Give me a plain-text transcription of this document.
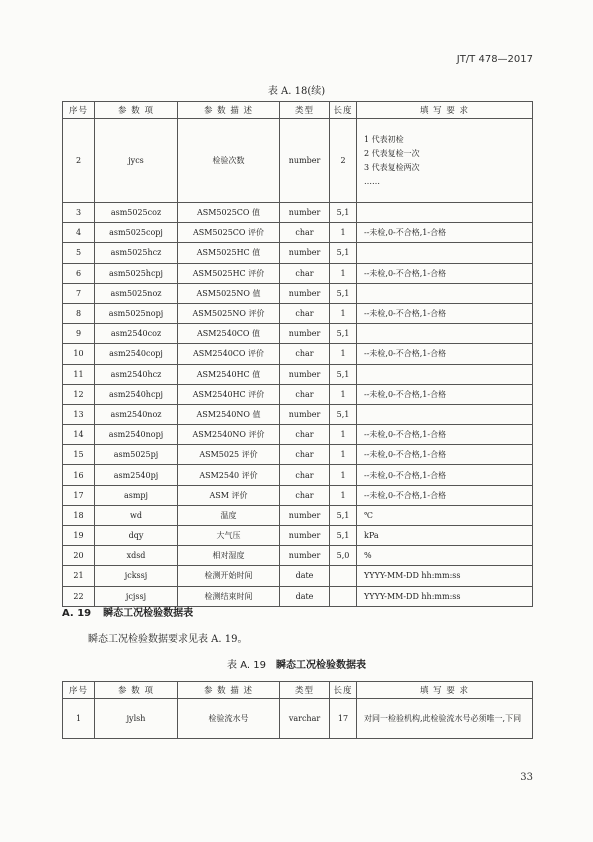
JT/T 478—2017
表 A. 18(续)
序号	参 数 项	参 数 描 述	类型	长度	填 写 要 求
2	jycs	检验次数	number	2	1 代表初检
2 代表复检一次
3 代表复检两次
……

3	asm5025coz	ASM5025CO 值	number	5,1	
4	asm5025copj	ASM5025CO 评价	char	1	--未检,0-不合格,1-合格
5	asm5025hcz	ASM5025HC 值	number	5,1	
6	asm5025hcpj	ASM5025HC 评价	char	1	--未检,0-不合格,1-合格
7	asm5025noz	ASM5025NO 值	number	5,1	
8	asm5025nopj	ASM5025NO 评价	char	1	--未检,0-不合格,1-合格
9	asm2540coz	ASM2540CO 值	number	5,1	
10	asm2540copj	ASM2540CO 评价	char	1	--未检,0-不合格,1-合格
11	asm2540hcz	ASM2540HC 值	number	5,1	
12	asm2540hcpj	ASM2540HC 评价	char	1	--未检,0-不合格,1-合格
13	asm2540noz	ASM2540NO 值	number	5,1	
14	asm2540nopj	ASM2540NO 评价	char	1	--未检,0-不合格,1-合格
15	asm5025pj	ASM5025 评价	char	1	--未检,0-不合格,1-合格
16	asm2540pj	ASM2540 评价	char	1	--未检,0-不合格,1-合格
17	asmpj	ASM 评价	char	1	--未检,0-不合格,1-合格
18	wd	温度	number	5,1	℃
19	dqy	大气压	number	5,1	kPa
20	xdsd	相对湿度	number	5,0	%
21	jckssj	检测开始时间	date		YYYY-MM-DD hh:mm:ss
22	jcjssj	检测结束时间	date		YYYY-MM-DD hh:mm:ss
A. 19 瞬态工况检验数据表
瞬态工况检验数据要求见表 A. 19。
表 A. 19 瞬态工况检验数据表
序号	参 数 项	参 数 描 述	类型	长度	填 写 要 求
1	jylsh	检验流水号	varchar	17	对同一检验机构,此检验流水号必须唯一,下同
33
